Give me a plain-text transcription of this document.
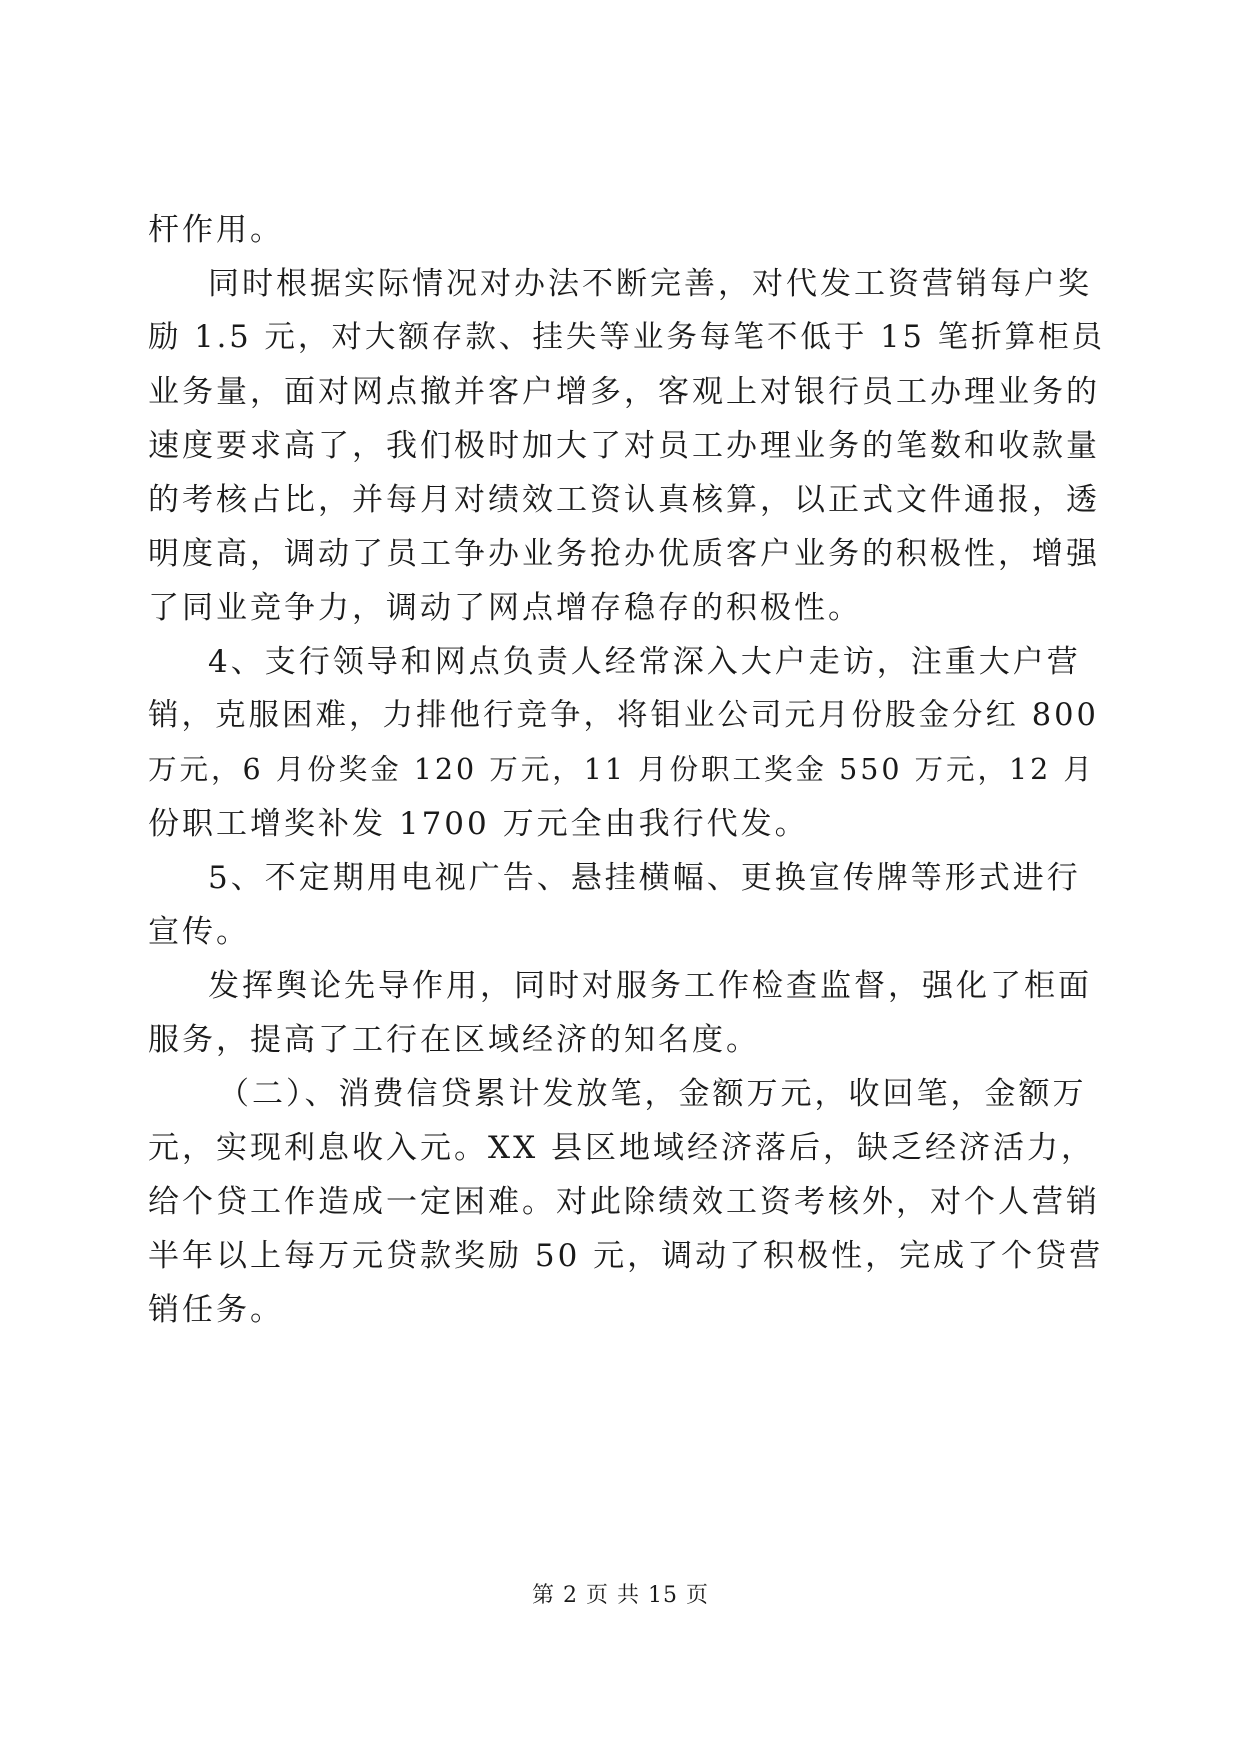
杆作用。
同时根据实际情况对办法不断完善，对代发工资营销每户奖
励 1.5 元，对大额存款、挂失等业务每笔不低于 15 笔折算柜员
业务量，面对网点撤并客户增多，客观上对银行员工办理业务的
速度要求高了，我们极时加大了对员工办理业务的笔数和收款量
的考核占比，并每月对绩效工资认真核算，以正式文件通报，透
明度高，调动了员工争办业务抢办优质客户业务的积极性，增强
了同业竞争力，调动了网点增存稳存的积极性。
4、支行领导和网点负责人经常深入大户走访，注重大户营
销，克服困难，力排他行竞争，将钼业公司元月份股金分红 800
万元，6 月份奖金 120 万元，11 月份职工奖金 550 万元，12 月
份职工增奖补发 1700 万元全由我行代发。
5、不定期用电视广告、悬挂横幅、更换宣传牌等形式进行
宣传。
发挥舆论先导作用，同时对服务工作检查监督，强化了柜面
服务，提高了工行在区域经济的知名度。
（二）、消费信贷累计发放笔，金额万元，收回笔，金额万
元，实现利息收入元。XX 县区地域经济落后，缺乏经济活力，
给个贷工作造成一定困难。对此除绩效工资考核外，对个人营销
半年以上每万元贷款奖励 50 元，调动了积极性，完成了个贷营
销任务。
第 2 页 共 15 页
